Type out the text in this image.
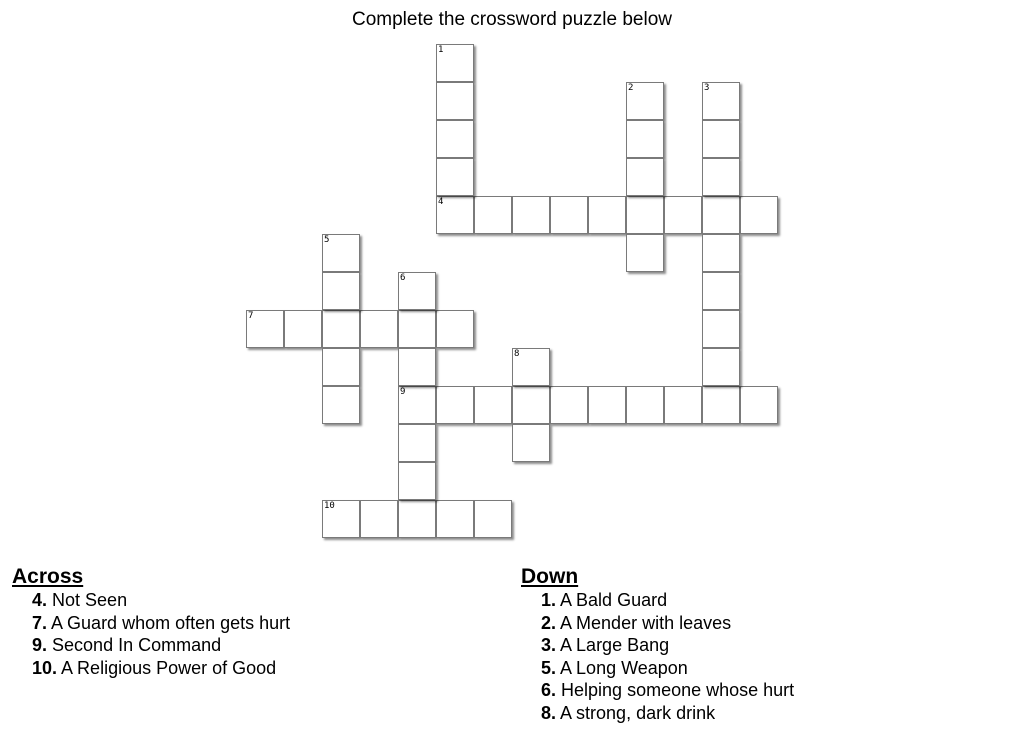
Complete the crossword puzzle below
4
7
9
10
1
2	3
5
6
8
Across
4. Not Seen
7. A Guard whom often gets hurt
9. Second In Command
10. A Religious Power of Good
Down
1. A Bald Guard
2. A Mender with leaves
3. A Large Bang
5. A Long Weapon
6. Helping someone whose hurt
8. A strong, dark drink
